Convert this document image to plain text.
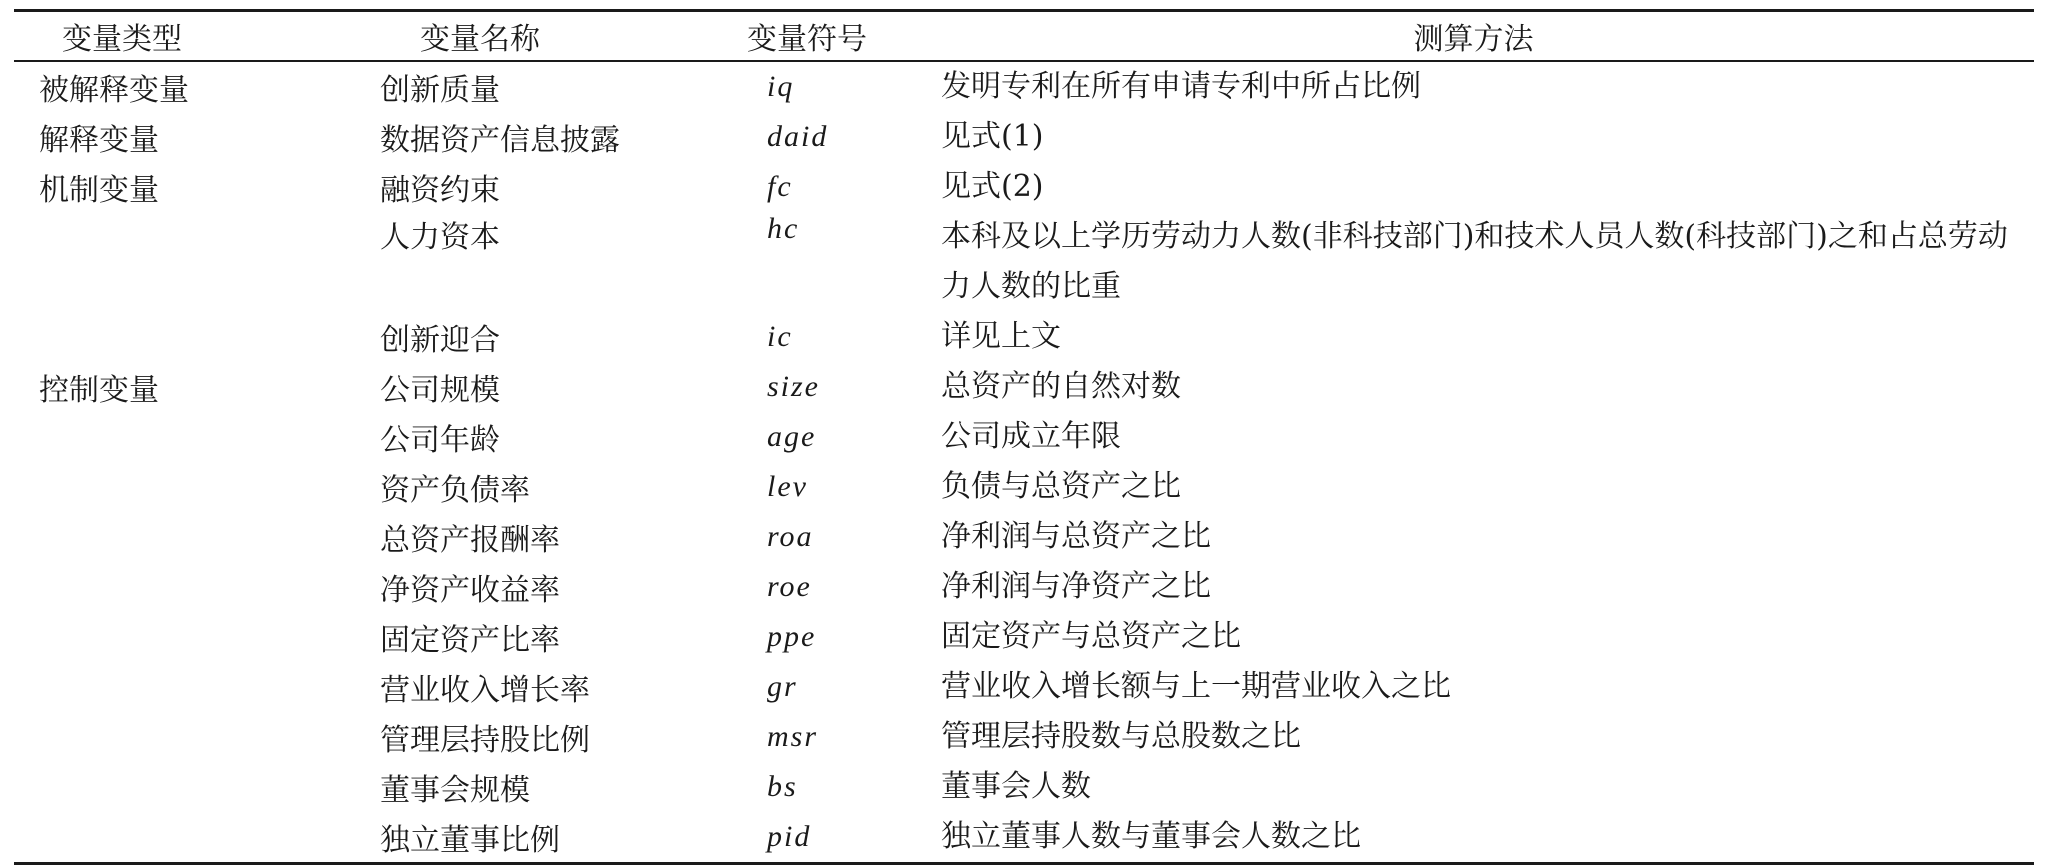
变量类型	变量名称	变量符号	测算方法
被解释变量	创新质量	iq	发明专利在所有申请专利中所占比例
解释变量	数据资产信息披露	daid	见式(1)
机制变量	融资约束	fc	见式(2)
	人力资本	hc	本科及以上学历劳动力人数(非科技部门)和技术人员人数(科技部门)之和占总劳动力人数的比重
	创新迎合	ic	详见上文
控制变量	公司规模	size	总资产的自然对数
	公司年龄	age	公司成立年限
	资产负债率	lev	负债与总资产之比
	总资产报酬率	roa	净利润与总资产之比
	净资产收益率	roe	净利润与净资产之比
	固定资产比率	ppe	固定资产与总资产之比
	营业收入增长率	gr	营业收入增长额与上一期营业收入之比
	管理层持股比例	msr	管理层持股数与总股数之比
	董事会规模	bs	董事会人数
	独立董事比例	pid	独立董事人数与董事会人数之比
